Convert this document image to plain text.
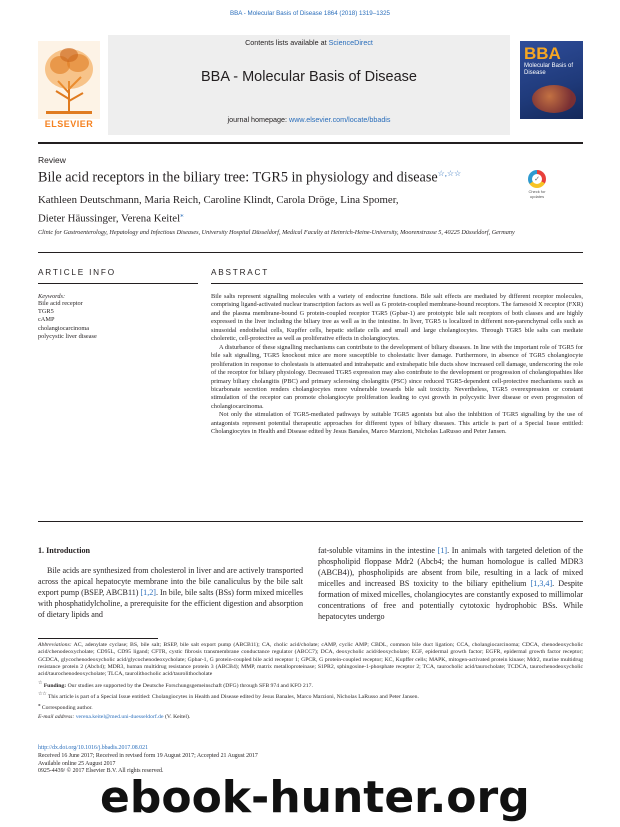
BBA - Molecular Basis of Disease 1864 (2018) 1319–1325
ELSEVIER
Contents lists available at ScienceDirect
BBA - Molecular Basis of Disease
journal homepage: www.elsevier.com/locate/bbadis
BBA
Molecular Basis of Disease
Review
Bile acid receptors in the biliary tree: TGR5 in physiology and disease☆,☆☆
✓
Check for updates
Kathleen Deutschmann, Maria Reich, Caroline Klindt, Carola Dröge, Lina Spomer,
Dieter Häussinger, Verena Keitel⁎
Clinic for Gastroenterology, Hepatology and Infectious Diseases, University Hospital Düsseldorf, Medical Faculty at Heinrich-Heine-University, Moorenstrasse 5, 40225 Düsseldorf, Germany
ARTICLE INFO	ABSTRACT
Keywords:
Bile acid receptor
TGR5
cAMP
cholangiocarcinoma
polycystic liver disease

Bile salts represent signalling molecules with a variety of endocrine functions. Bile salt effects are mediated by different receptor molecules, comprising ligand-activated nuclear transcription factors as well as G protein-coupled membrane-bound receptors. The farnesoid X receptor (FXR) and the plasma membrane-bound G protein-coupled receptor TGR5 (Gpbar-1) are prototypic bile salt receptors of both classes and are highly expressed in the liver including the biliary tree as well as in the intestine. In liver, TGR5 is localized in different non-parenchymal cells such as sinusoidal endothelial cells, Kupffer cells, hepatic stellate cells and small and large cholangiocytes. Through TGR5 bile salts can mediate choleretic, cell-protective as well as proliferative effects in cholangiocytes.

A disturbance of these signalling mechanisms can contribute to the development of biliary diseases. In line with the important role of TGR5 for bile salt signalling, TGR5 knockout mice are more susceptible to cholestatic liver damage. Furthermore, in absence of TGR5 cholangiocyte proliferation in response to cholestasis is attenuated and intrahepatic and extrahepatic bile ducts show increased cell damage, underscoring the role of the receptor for biliary physiology. Decreased TGR5 expression may also contribute to the development or progression of cholangiopathies like primary biliary cholangitis (PBC) and primary sclerosing cholangitis (PSC) since reduced TGR5-dependent cell-protective mechanisms such as bicarbonate secretion renders cholangiocytes more vulnerable towards bile salt toxicity. Nevertheless, TGR5 overexpression or constant stimulation of the receptor can promote cholangiocyte proliferation leading to cyst growth in polycystic liver disease or even progression of cholangiocarcinoma.

Not only the stimulation of TGR5-mediated pathways by suitable TGR5 agonists but also the inhibition of TGR5 signalling by the use of antagonists represent potential therapeutic approaches for different types of biliary diseases. This article is part of a Special Issue entitled: Cholangiocytes in Health and Disease edited by Jesus Banales, Marco Marzioni, Nicholas LaRusso and Peter Jansen.

1. Introduction
Bile acids are synthesized from cholesterol in liver and are actively transported across the apical hepatocyte membrane into the bile canaliculus by the bile salt export pump (BSEP, ABCB11) [1,2]. In bile, bile salts (BSs) form mixed micelles with phosphatidylcholine, a prerequisite for the efficient digestion and absorption of dietary lipids and
fat-soluble vitamins in the intestine [1]. In animals with targeted deletion of the phospholipid floppase Mdr2 (Abcb4; the human homologue is called MDR3 (ABCB4)), phospholipids are absent from bile, resulting in a lack of mixed micelles and increased BS toxicity to the biliary epithelium [1,3,4]. Despite formation of mixed micelles, cholangiocytes are constantly exposed to millimolar concentrations of free and potentially cytotoxic hydrophobic BSs. While hepatocytes undergo

Abbreviations: AC, adenylate cyclase; BS, bile salt; BSEP, bile salt export pump (ABCB11); CA, cholic acid/cholate; cAMP, cyclic AMP; CBDL, common bile duct ligation; CCA, cholangiocarcinoma; CDCA, chenodeoxycholic acid/chenodeoxycholate; CD95L, CD95 ligand; CFTR, cystic fibrosis transmembrane conductance regulator (ABCC7); DCA, deoxycholic acid/deoxycholate; EGF, epidermal growth factor; EGFR, epidermal growth factor receptor; GCDCA, glycochenodeoxycholic acid/glycochenodeoxycholate; Gpbar-1, G protein-coupled bile acid receptor 1; GPCR, G protein-coupled receptor; KC, Kupffer cells; MAPK, mitogen-activated protein kinase; Mdr2, murine multidrug resistance protein 2 (Abcb4); MDR3, human multidrug resistance protein 3 (ABCB4); MMP, matrix metalloproteinase; S1PR2, sphingosine-1-phosphate receptor 2; TCA, taurocholic acid/taurocholate; TCDCA, taurochenodeoxycholic acid/taurochenodeoxycholate; TLCA, taurolithocholic acid/taurolithocholate

☆ Funding: Our studies are supported by the Deutsche Forschungsgemeinschaft (DFG) through SFB 974 and KFO 217.

☆☆ This article is part of a Special Issue entitled: Cholangiocytes in Health and Disease edited by Jesus Banales, Marco Marzioni, Nicholas LaRusso and Peter Jansen.

⁎ Corresponding author.

E-mail address: verena.keitel@med.uni-duesseldorf.de (V. Keitel).

http://dx.doi.org/10.1016/j.bbadis.2017.08.021
Received 16 June 2017; Received in revised form 19 August 2017; Accepted 21 August 2017
Available online 25 August 2017
0925-4439/ © 2017 Elsevier B.V. All rights reserved.
ebook-hunter.org
